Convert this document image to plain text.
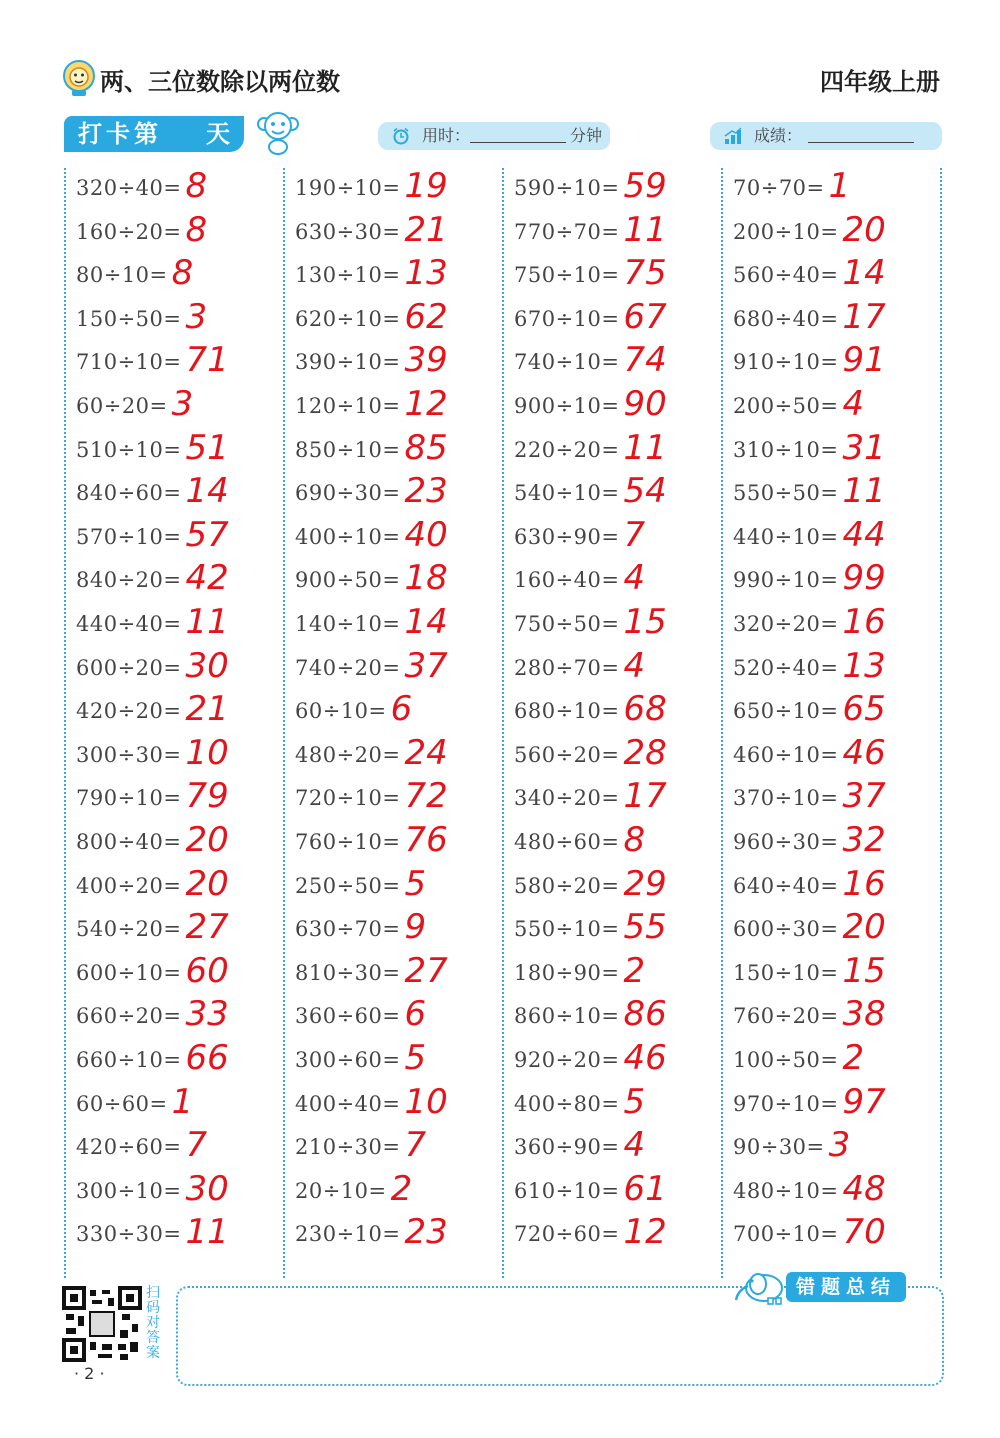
两、三位数除以两位数	四年级上册
打卡第 天	用时：	分钟	成绩：
320÷40= 8
160÷20= 8
80÷10= 8
150÷50= 3
710÷10= 71
60÷20= 3
510÷10= 51
840÷60= 14
570÷10= 57
840÷20= 42
440÷40= 11
600÷20= 30
420÷20= 21
300÷30= 10
790÷10= 79
800÷40= 20
400÷20= 20
540÷20= 27
600÷10= 60
660÷20= 33
660÷10= 66
60÷60= 1
420÷60= 7
300÷10= 30
330÷30= 11
190÷10= 19
630÷30= 21
130÷10= 13
620÷10= 62
390÷10= 39
120÷10= 12
850÷10= 85
690÷30= 23
400÷10= 40
900÷50= 18
140÷10= 14
740÷20= 37
60÷10= 6
480÷20= 24
720÷10= 72
760÷10= 76
250÷50= 5
630÷70= 9
810÷30= 27
360÷60= 6
300÷60= 5
400÷40= 10
210÷30= 7
20÷10= 2
230÷10= 23
590÷10= 59
770÷70= 11
750÷10= 75
670÷10= 67
740÷10= 74
900÷10= 90
220÷20= 11
540÷10= 54
630÷90= 7
160÷40= 4
750÷50= 15
280÷70= 4
680÷10= 68
560÷20= 28
340÷20= 17
480÷60= 8
580÷20= 29
550÷10= 55
180÷90= 2
860÷10= 86
920÷20= 46
400÷80= 5
360÷90= 4
610÷10= 61
720÷60= 12
70÷70= 1
200÷10= 20
560÷40= 14
680÷40= 17
910÷10= 91
200÷50= 4
310÷10= 31
550÷50= 11
440÷10= 44
990÷10= 99
320÷20= 16
520÷40= 13
650÷10= 65
460÷10= 46
370÷10= 37
960÷30= 32
640÷40= 16
600÷30= 20
150÷10= 15
760÷20= 38
100÷50= 2
970÷10= 97
90÷30= 3
480÷10= 48
700÷10= 70
扫码对答案
· 2 ·
错题总结
